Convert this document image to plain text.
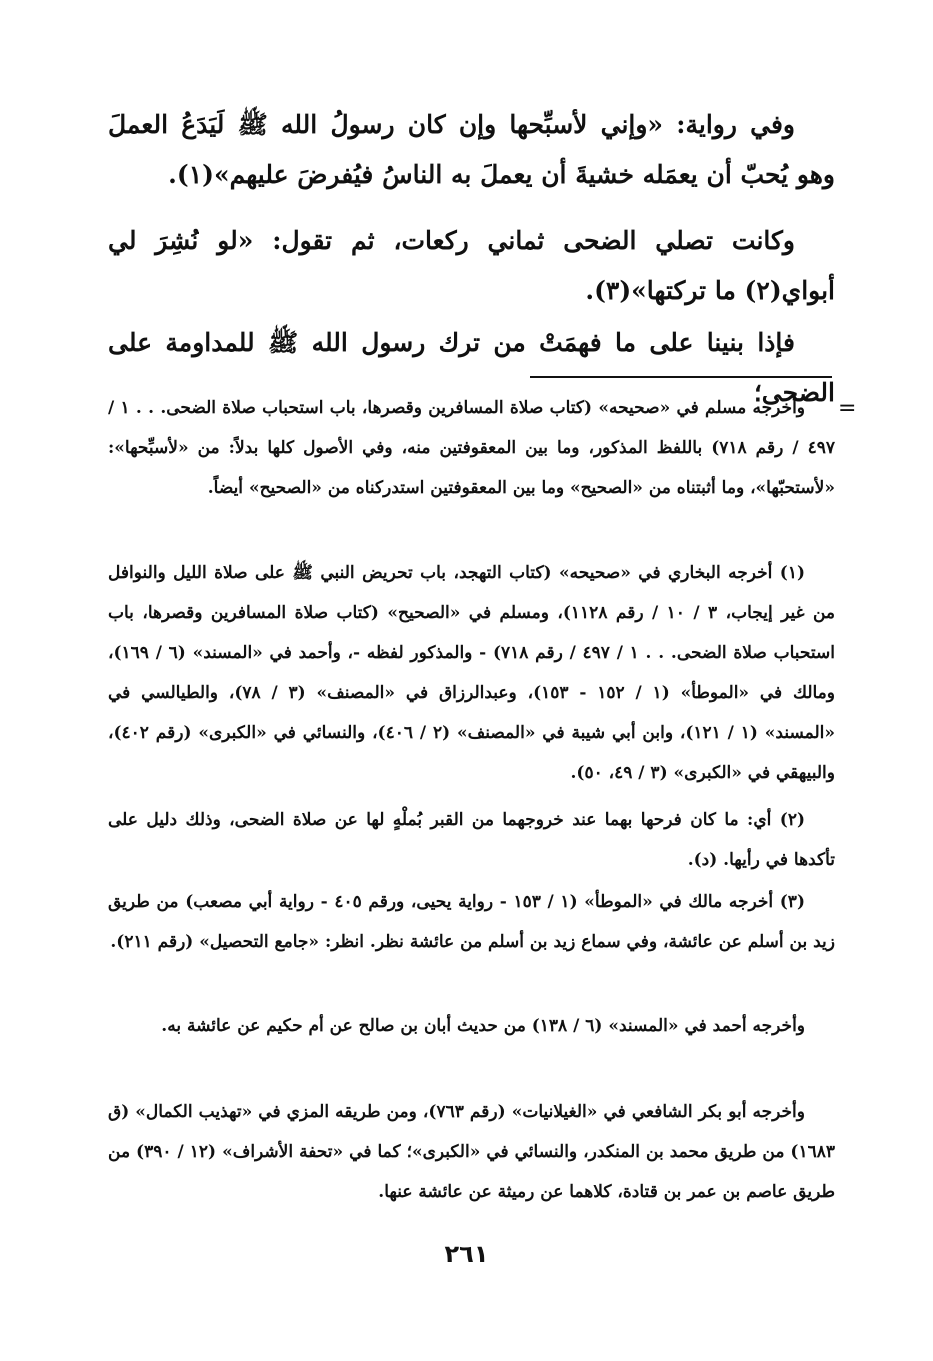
وفي رواية: «وإني لأسبِّحها وإن كان رسولُ الله ﷺ لَيَدَعُ العملَ وهو يُحبّ أن يعمَله خشيةَ أن يعملَ به الناسُ فيُفرضَ عليهم»(١).

وكانت تصلي الضحى ثماني ركعات، ثم تقول: «لو نُشِرَ لي أبواي(٢) ما تركتها»(٣).

فإذا بنينا على ما فهمَتْ من ترك رسول الله ﷺ للمداومة على الضحى؛

=

وأخرجه مسلم في «صحيحه» (كتاب صلاة المسافرين وقصرها، باب استحباب صلاة الضحى. . . ١ / ٤٩٧ / رقم ٧١٨) باللفظ المذكور، وما بين المعقوفتين منه، وفي الأصول كلها بدلاً: من «لأسبِّحها»: «لأستحبّها»، وما أثبتناه من «الصحيح» وما بين المعقوفتين استدركناه من «الصحيح» أيضاً.

(١) أخرجه البخاري في «صحيحه» (كتاب التهجد، باب تحريض النبي ﷺ على صلاة الليل والنوافل من غير إيجاب، ٣ / ١٠ / رقم ١١٢٨)، ومسلم في «الصحيح» (كتاب صلاة المسافرين وقصرها، باب استحباب صلاة الضحى. . . ١ / ٤٩٧ / رقم ٧١٨) - والمذكور لفظه -، وأحمد في «المسند» (٦ / ١٦٩)، ومالك في «الموطأ» (١ / ١٥٢ - ١٥٣)، وعبدالرزاق في «المصنف» (٣ / ٧٨)، والطيالسي في «المسند» (١ / ١٢١)، وابن أبي شيبة في «المصنف» (٢ / ٤٠٦)، والنسائي في «الكبرى» (رقم ٤٠٢)، والبيهقي في «الكبرى» (٣ / ٤٩، ٥٠).

(٢) أي: ما كان فرحها بهما عند خروجهما من القبر بُملْهٍ لها عن صلاة الضحى، وذلك دليل على تأكدها في رأيها. (د).

(٣) أخرجه مالك في «الموطأ» (١ / ١٥٣ - رواية يحيى، ورقم ٤٠٥ - رواية أبي مصعب) من طريق زيد بن أسلم عن عائشة، وفي سماع زيد بن أسلم من عائشة نظر. انظر: «جامع التحصيل» (رقم ٢١١).

وأخرجه أحمد في «المسند» (٦ / ١٣٨) من حديث أبان بن صالح عن أم حكيم عن عائشة به.

وأخرجه أبو بكر الشافعي في «الغيلانيات» (رقم ٧٦٣)، ومن طريقه المزي في «تهذيب الكمال» (ق ١٦٨٣) من طريق محمد بن المنكدر، والنسائي في «الكبرى»؛ كما في «تحفة الأشراف» (١٢ / ٣٩٠) من طريق عاصم بن عمر بن قتادة، كلاهما عن رميثة عن عائشة عنها.

٢٦١
